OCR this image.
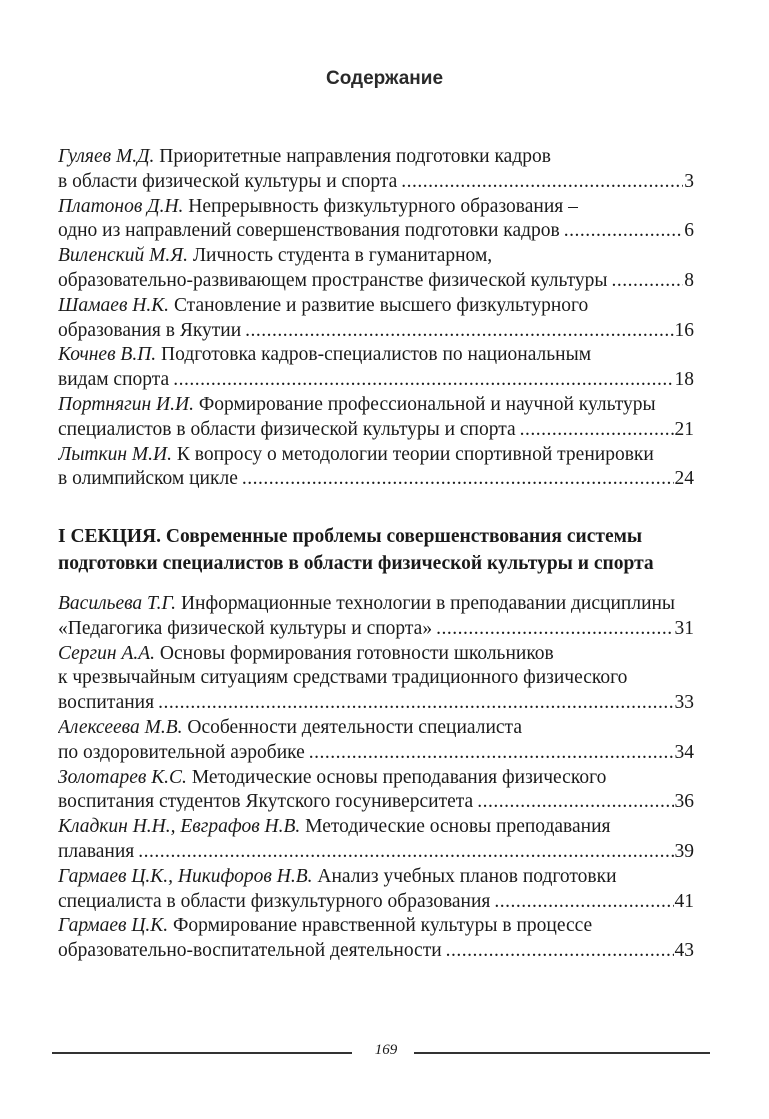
Содержание
Гуляев М.Д.
Приоритетные направления подготовки кадров
в области физической культуры и спорта .....	3
Платонов Д.Н.
Непрерывность физкультурного образования –
одно из направлений совершенствования подготовки кадров .....	6
Виленский М.Я.
Личность студента в гуманитарном,
образовательно-развивающем пространстве физической культуры .....	8
Шамаев Н.К.
Становление и развитие высшего физкультурного
образования в Якутии .....	16
Кочнев В.П.
Подготовка кадров-специалистов по национальным
видам спорта .....	18
Портнягин И.И.
Формирование профессиональной и научной культуры
специалистов в области физической культуры и спорта .....	21
Лыткин М.И.
К вопросу о методологии теории спортивной тренировки
в олимпийском цикле .....	24
I СЕКЦИЯ. Современные проблемы совершенствования системы
подготовки специалистов в области физической культуры и спорта
Васильева Т.Г.
Информационные технологии в преподавании дисциплины
«Педагогика физической культуры и спорта» .....	31
Сергин А.А.
Основы формирования готовности школьников
к чрезвычайным ситуациям средствами традиционного физического
воспитания .....	33
Алексеева М.В.
Особенности деятельности специалиста
по оздоровительной аэробике .....	34
Золотарев К.С.
Методические основы преподавания физического
воспитания студентов Якутского госуниверситета .....	36
Кладкин Н.Н., Евграфов Н.В.
Методические основы преподавания
плавания .....	39
Гармаев Ц.К., Никифоров Н.В.
Анализ учебных планов подготовки
специалиста в области физкультурного образования .....	41
Гармаев Ц.К.
Формирование нравственной культуры в процессе
образовательно-воспитательной деятельности .....	43
169
